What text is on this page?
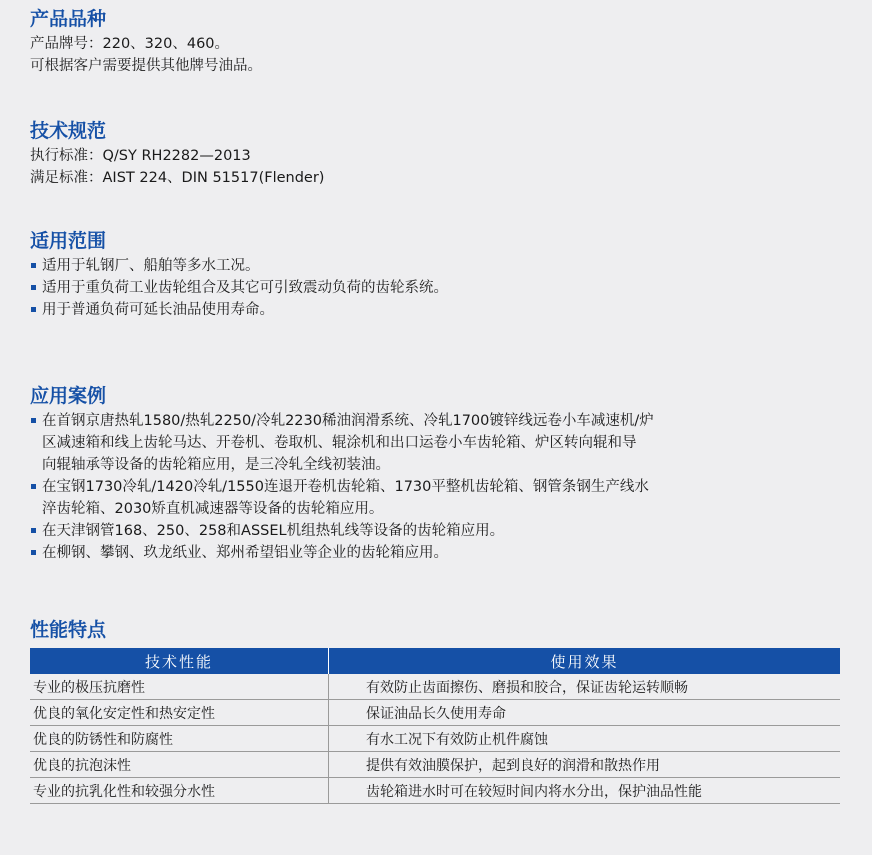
产品品种
产品牌号：220、320、460。
可根据客户需要提供其他牌号油品。
技术规范
执行标准：Q/SY RH2282—2013
满足标准：AIST 224、DIN 51517(Flender)
适用范围
适用于轧钢厂、船舶等多水工况。
适用于重负荷工业齿轮组合及其它可引致震动负荷的齿轮系统。
用于普通负荷可延长油品使用寿命。
应用案例
在首钢京唐热轧1580/热轧2250/冷轧2230稀油润滑系统、冷轧1700镀锌线远卷小车减速机/炉
区减速箱和线上齿轮马达、开卷机、卷取机、辊涂机和出口运卷小车齿轮箱、炉区转向辊和导
向辊轴承等设备的齿轮箱应用，是三冷轧全线初装油。
在宝钢1730冷轧/1420冷轧/1550连退开卷机齿轮箱、1730平整机齿轮箱、钢管条钢生产线水
淬齿轮箱、2030矫直机减速器等设备的齿轮箱应用。
在天津钢管168、250、258和ASSEL机组热轧线等设备的齿轮箱应用。
在柳钢、攀钢、玖龙纸业、郑州希望铝业等企业的齿轮箱应用。
性能特点
技术性能	使用效果
专业的极压抗磨性	有效防止齿面擦伤、磨损和胶合，保证齿轮运转顺畅
优良的氧化安定性和热安定性	保证油品长久使用寿命
优良的防锈性和防腐性	有水工况下有效防止机件腐蚀
优良的抗泡沫性	提供有效油膜保护，起到良好的润滑和散热作用
专业的抗乳化性和较强分水性	齿轮箱进水时可在较短时间内将水分出，保护油品性能
